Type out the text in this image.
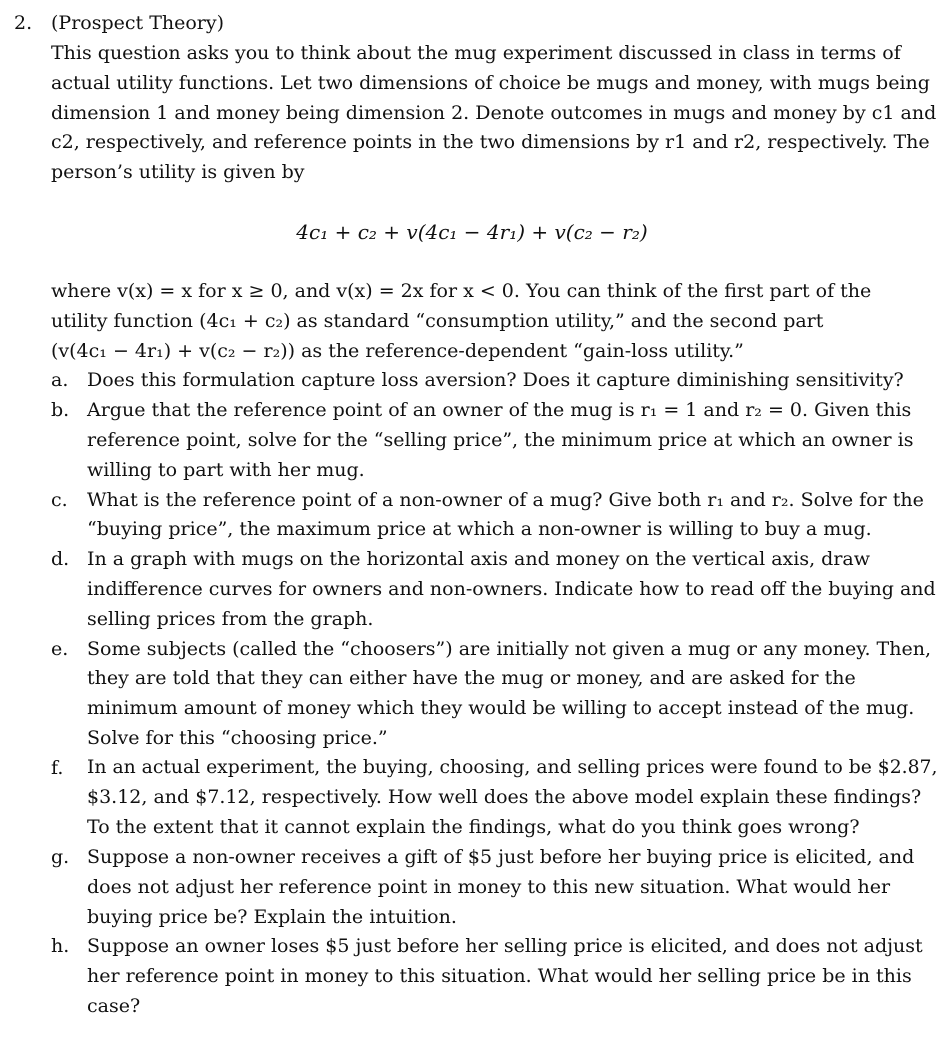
2. (Prospect Theory)
This question asks you to think about the mug experiment discussed in class in terms of
actual utility functions. Let two dimensions of choice be mugs and money, with mugs being
dimension 1 and money being dimension 2. Denote outcomes in mugs and money by c1 and
c2, respectively, and reference points in the two dimensions by r1 and r2, respectively. The
person’s utility is given by
4c₁ + c₂ + v(4c₁ − 4r₁) + v(c₂ − r₂)
where v(x) = x for x ≥ 0, and v(x) = 2x for x < 0. You can think of the first part of the
utility function (4c₁ + c₂) as standard “consumption utility,” and the second part
(v(4c₁ − 4r₁) + v(c₂ − r₂)) as the reference-dependent “gain-loss utility.”
a. Does this formulation capture loss aversion? Does it capture diminishing sensitivity?
b. Argue that the reference point of an owner of the mug is r₁ = 1 and r₂ = 0. Given this
reference point, solve for the “selling price”, the minimum price at which an owner is
willing to part with her mug.
c. What is the reference point of a non-owner of a mug? Give both r₁ and r₂. Solve for the
“buying price”, the maximum price at which a non-owner is willing to buy a mug.
d. In a graph with mugs on the horizontal axis and money on the vertical axis, draw
indifference curves for owners and non-owners. Indicate how to read off the buying and
selling prices from the graph.
e. Some subjects (called the “choosers”) are initially not given a mug or any money. Then,
they are told that they can either have the mug or money, and are asked for the
minimum amount of money which they would be willing to accept instead of the mug.
Solve for this “choosing price.”
f. In an actual experiment, the buying, choosing, and selling prices were found to be $2.87,
$3.12, and $7.12, respectively. How well does the above model explain these findings?
To the extent that it cannot explain the findings, what do you think goes wrong?
g. Suppose a non-owner receives a gift of $5 just before her buying price is elicited, and
does not adjust her reference point in money to this new situation. What would her
buying price be? Explain the intuition.
h. Suppose an owner loses $5 just before her selling price is elicited, and does not adjust
her reference point in money to this situation. What would her selling price be in this
case?
